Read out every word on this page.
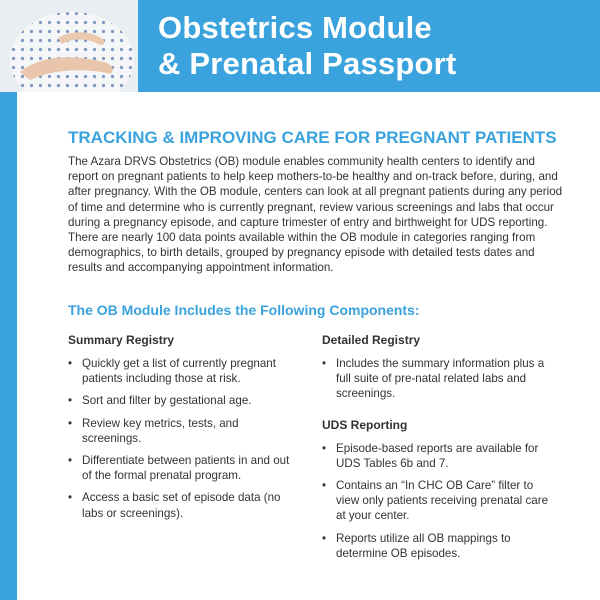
Obstetrics Module
& Prenatal Passport
TRACKING & IMPROVING CARE FOR PREGNANT PATIENTS

The Azara DRVS Obstetrics (OB) module enables community health centers to identify and report on pregnant patients to help keep mothers-to-be healthy and on-track before, during, and after pregnancy. With the OB module, centers can look at all pregnant patients during any period of time and determine who is currently pregnant, review various screenings and labs that occur during a pregnancy episode, and capture trimester of entry and birthweight for UDS reporting. There are nearly 100 data points available within the OB module in categories ranging from demographics, to birth details, grouped by pregnancy episode with detailed tests dates and results and accompanying appointment information.

The OB Module Includes the Following Components:
Summary Registry
• Quickly get a list of currently pregnant patients including those at risk.
• Sort and filter by gestational age.
• Review key metrics, tests, and screenings.
• Differentiate between patients in and out of the formal prenatal program.
• Access a basic set of episode data (no labs or screenings).
Detailed Registry
• Includes the summary information plus a full suite of pre-natal related labs and screenings.
UDS Reporting
• Episode-based reports are available for UDS Tables 6b and 7.
• Contains an “In CHC OB Care” filter to view only patients receiving prenatal care at your center.
• Reports utilize all OB mappings to determine OB episodes.
